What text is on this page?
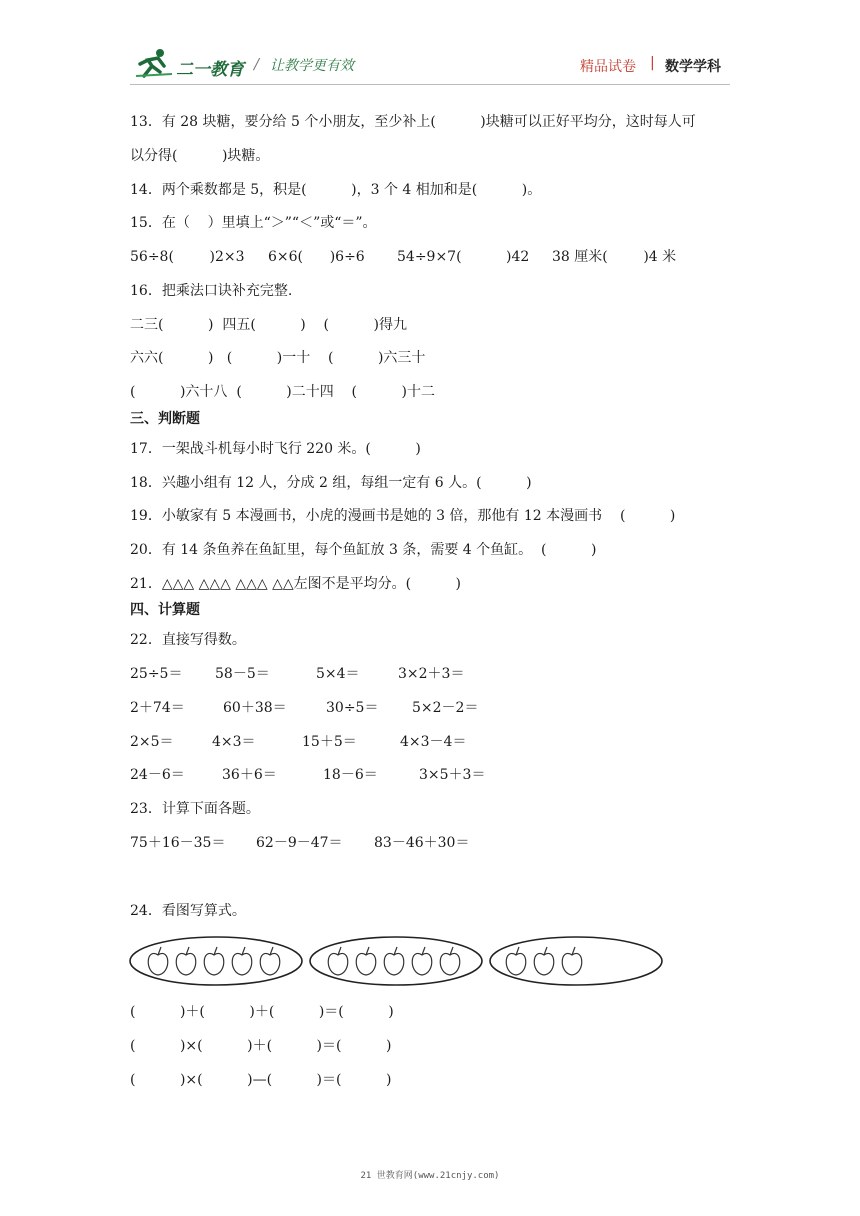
二一教育 / 让教学更有效	精品试卷 | 数学学科
13．有 28 块糖，要分给 5 个小朋友，至少补上(          )块糖可以正好平均分，这时每人可
以分得(          )块糖。
14．两个乘数都是 5，积是(          )，3 个 4 相加和是(          )。
15．在（    ）里填上“＞”“＜”或“＝”。
56÷8(        )2×3 6×6(      )6÷6 54÷9×7(          )42 38 厘米(        )4 米
16．把乘法口诀补充完整.
二三(          )  四五(          )    (          )得九
六六(          )   (          )一十    (          )六三十
(          )六十八  (          )二十四    (          )十二
三、判断题
17．一架战斗机每小时飞行 220 米。(          )
18．兴趣小组有 12 人，分成 2 组，每组一定有 6 人。(          )
19．小敏家有 5 本漫画书，小虎的漫画书是她的 3 倍，那他有 12 本漫画书    (          )
20．有 14 条鱼养在鱼缸里，每个鱼缸放 3 条，需要 4 个鱼缸。  (          )
21．△△△ △△△ △△△ △△左图不是平均分。(          )
四、计算题
22．直接写得数。
25÷5＝ 58－5＝	5×4＝	3×2＋3＝
2＋74＝	60＋38＝	30÷5＝ 5×2－2＝
2×5＝	4×3＝	15＋5＝	4×3－4＝
24－6＝	36＋6＝	18－6＝	3×5＋3＝
23．计算下面各题。
75＋16－35＝ 62－9－47＝ 83－46＋30＝
24．看图写算式。
(          )＋(          )＋(          )＝(          )
(          )×(          )＋(          )＝(          )
(          )×(          )—(          )＝(          )
21 世教育网(www.21cnjy.com)
